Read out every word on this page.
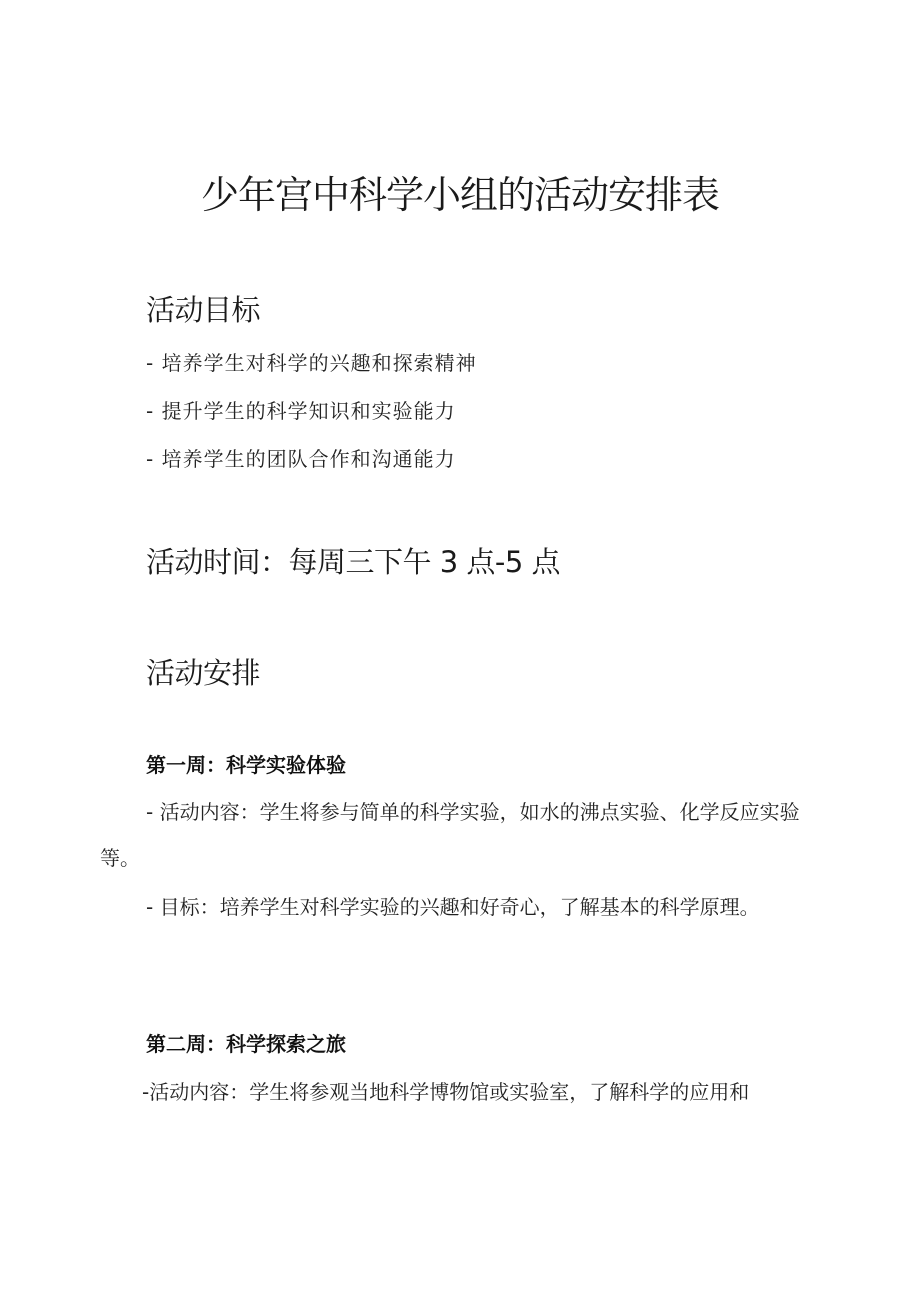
少年宫中科学小组的活动安排表
活动目标
- 培养学生对科学的兴趣和探索精神
- 提升学生的科学知识和实验能力
- 培养学生的团队合作和沟通能力
活动时间：每周三下午 3 点-5 点
活动安排
第一周：科学实验体验
- 活动内容：学生将参与简单的科学实验，如水的沸点实验、化学反应实验等。
- 目标：培养学生对科学实验的兴趣和好奇心，了解基本的科学原理。
第二周：科学探索之旅
-活动内容：学生将参观当地科学博物馆或实验室，了解科学的应用和
